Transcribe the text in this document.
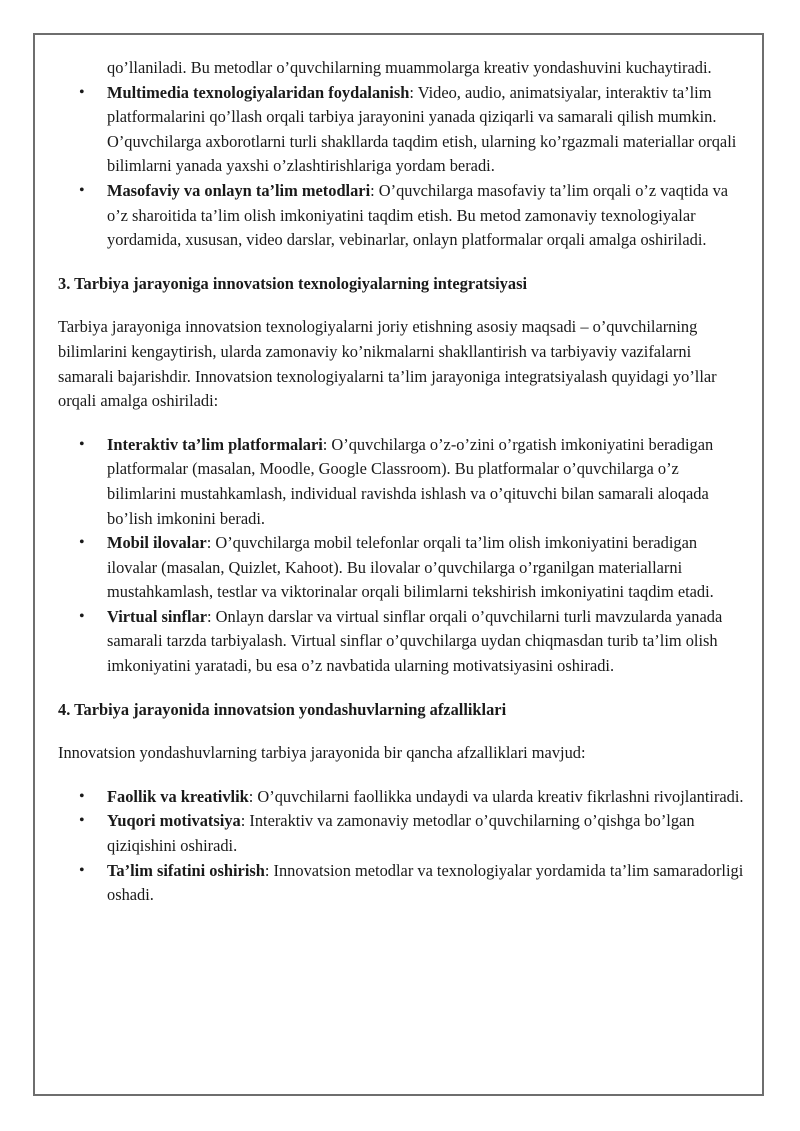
qo’llaniladi. Bu metodlar o’quvchilarning muammolarga kreativ yondashuvini kuchaytiradi.
• Multimedia texnologiyalaridan foydalanish: Video, audio, animatsiyalar, interaktiv ta’lim platformalarini qo’llash orqali tarbiya jarayonini yanada qiziqarli va samarali qilish mumkin. O’quvchilarga axborotlarni turli shakllarda taqdim etish, ularning ko’rgazmali materiallar orqali bilimlarni yanada yaxshi o’zlashtirishlariga yordam beradi.
• Masofaviy va onlayn ta’lim metodlari: O’quvchilarga masofaviy ta’lim orqali o’z vaqtida va o’z sharoitida ta’lim olish imkoniyatini taqdim etish. Bu metod zamonaviy texnologiyalar yordamida, xususan, video darslar, vebinarlar, onlayn platformalar orqali amalga oshiriladi.
3. Tarbiya jarayoniga innovatsion texnologiyalarning integratsiyasi

Tarbiya jarayoniga innovatsion texnologiyalarni joriy etishning asosiy maqsadi – o’quvchilarning bilimlarini kengaytirish, ularda zamonaviy ko’nikmalarni shakllantirish va tarbiyaviy vazifalarni samarali bajarishdir. Innovatsion texnologiyalarni ta’lim jarayoniga integratsiyalash quyidagi yo’llar orqali amalga oshiriladi:

• Interaktiv ta’lim platformalari: O’quvchilarga o’z-o’zini o’rgatish imkoniyatini beradigan platformalar (masalan, Moodle, Google Classroom). Bu platformalar o’quvchilarga o’z bilimlarini mustahkamlash, individual ravishda ishlash va o’qituvchi bilan samarali aloqada bo’lish imkonini beradi.
• Mobil ilovalar: O’quvchilarga mobil telefonlar orqali ta’lim olish imkoniyatini beradigan ilovalar (masalan, Quizlet, Kahoot). Bu ilovalar o’quvchilarga o’rganilgan materiallarni mustahkamlash, testlar va viktorinalar orqali bilimlarni tekshirish imkoniyatini taqdim etadi.
• Virtual sinflar: Onlayn darslar va virtual sinflar orqali o’quvchilarni turli mavzularda yanada samarali tarzda tarbiyalash. Virtual sinflar o’quvchilarga uydan chiqmasdan turib ta’lim olish imkoniyatini yaratadi, bu esa o’z navbatida ularning motivatsiyasini oshiradi.
4. Tarbiya jarayonida innovatsion yondashuvlarning afzalliklari

Innovatsion yondashuvlarning tarbiya jarayonida bir qancha afzalliklari mavjud:

• Faollik va kreativlik: O’quvchilarni faollikka undaydi va ularda kreativ fikrlashni rivojlantiradi.
• Yuqori motivatsiya: Interaktiv va zamonaviy metodlar o’quvchilarning o’qishga bo’lgan qiziqishini oshiradi.
• Ta’lim sifatini oshirish: Innovatsion metodlar va texnologiyalar yordamida ta’lim samaradorligi oshadi.
